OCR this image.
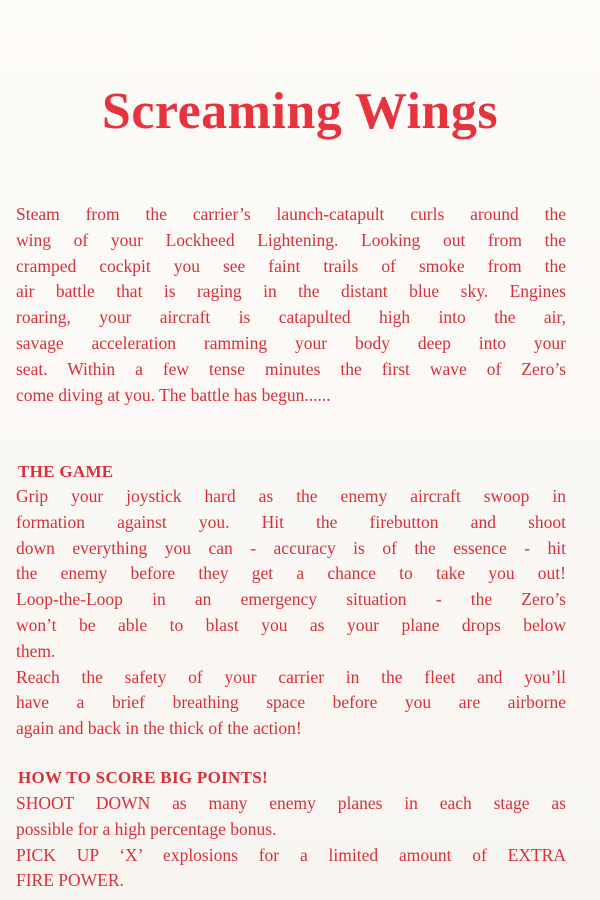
Screaming Wings
Steam from the carrier’s launch-catapult curls around the
wing of your Lockheed Lightening. Looking out from the
cramped cockpit you see faint trails of smoke from the
air battle that is raging in the distant blue sky. Engines
roaring, your aircraft is catapulted high into the air,
savage acceleration ramming your body deep into your
seat. Within a few tense minutes the first wave of Zero’s
come diving at you. The battle has begun......
THE GAME
Grip your joystick hard as the enemy aircraft swoop in
formation against you. Hit the firebutton and shoot
down everything you can - accuracy is of the essence - hit
the enemy before they get a chance to take you out!
Loop-the-Loop in an emergency situation - the Zero’s
won’t be able to blast you as your plane drops below
them.
Reach the safety of your carrier in the fleet and you’ll
have a brief breathing space before you are airborne
again and back in the thick of the action!
HOW TO SCORE BIG POINTS!
SHOOT DOWN as many enemy planes in each stage as
possible for a high percentage bonus.
PICK UP ‘X’ explosions for a limited amount of EXTRA
FIRE POWER.
